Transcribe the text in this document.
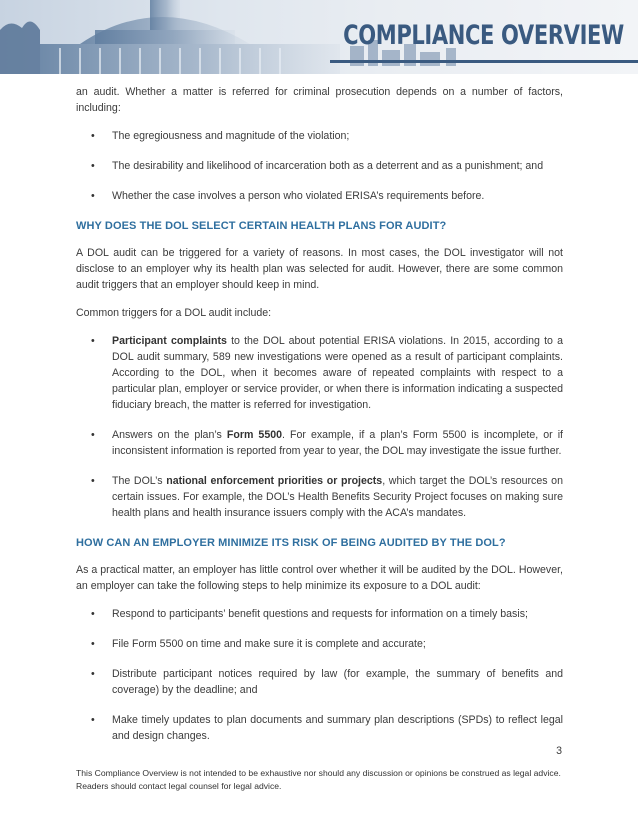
COMPLIANCE OVERVIEW

an audit. Whether a matter is referred for criminal prosecution depends on a number of factors, including:

• The egregiousness and magnitude of the violation;
• The desirability and likelihood of incarceration both as a deterrent and as a punishment; and
• Whether the case involves a person who violated ERISA’s requirements before.
WHY DOES THE DOL SELECT CERTAIN HEALTH PLANS FOR AUDIT?

A DOL audit can be triggered for a variety of reasons. In most cases, the DOL investigator will not disclose to an employer why its health plan was selected for audit. However, there are some common audit triggers that an employer should keep in mind.

Common triggers for a DOL audit include:

• Participant complaints to the DOL about potential ERISA violations. In 2015, according to a DOL audit summary, 589 new investigations were opened as a result of participant complaints. According to the DOL, when it becomes aware of repeated complaints with respect to a particular plan, employer or service provider, or when there is information indicating a suspected fiduciary breach, the matter is referred for investigation.
• Answers on the plan’s Form 5500. For example, if a plan’s Form 5500 is incomplete, or if inconsistent information is reported from year to year, the DOL may investigate the issue further.
• The DOL’s national enforcement priorities or projects, which target the DOL’s resources on certain issues. For example, the DOL’s Health Benefits Security Project focuses on making sure health plans and health insurance issuers comply with the ACA’s mandates.
HOW CAN AN EMPLOYER MINIMIZE ITS RISK OF BEING AUDITED BY THE DOL?

As a practical matter, an employer has little control over whether it will be audited by the DOL. However, an employer can take the following steps to help minimize its exposure to a DOL audit:

• Respond to participants’ benefit questions and requests for information on a timely basis;
• File Form 5500 on time and make sure it is complete and accurate;
• Distribute participant notices required by law (for example, the summary of benefits and coverage) by the deadline; and
• Make timely updates to plan documents and summary plan descriptions (SPDs) to reflect legal and design changes.
3
This Compliance Overview is not intended to be exhaustive nor should any discussion or opinions be construed as legal advice.
Readers should contact legal counsel for legal advice.
